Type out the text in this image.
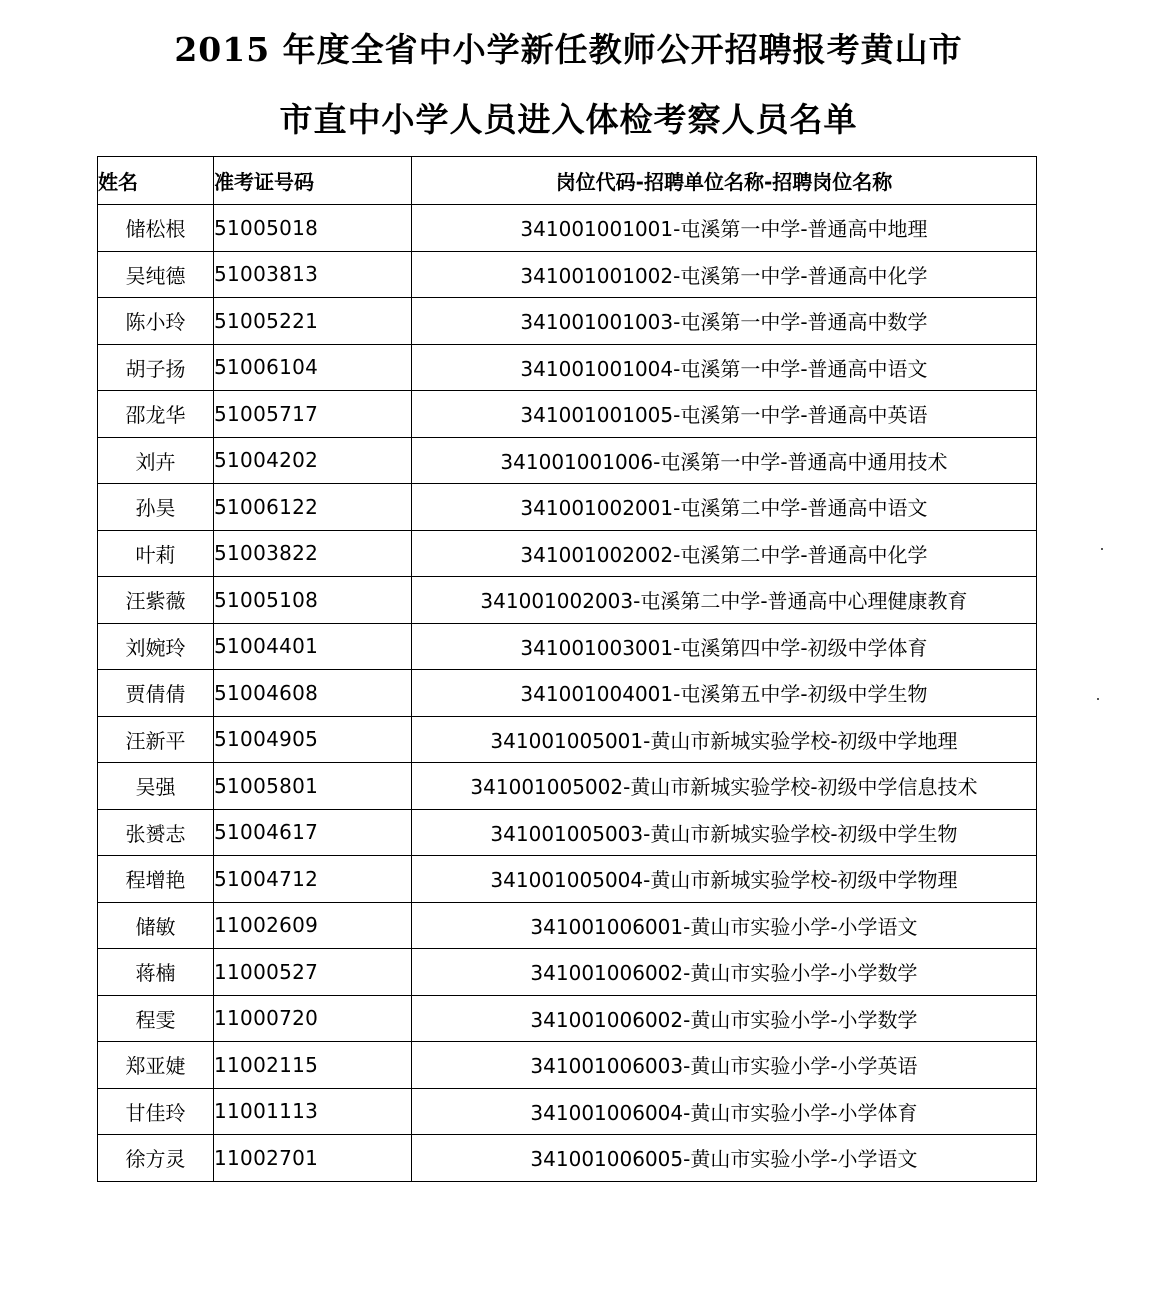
2015 年度全省中小学新任教师公开招聘报考黄山市
市直中小学人员进入体检考察人员名单
姓名	准考证号码	岗位代码-招聘单位名称-招聘岗位名称
储松根	51005018	341001001001-屯溪第一中学-普通高中地理
吴纯德	51003813	341001001002-屯溪第一中学-普通高中化学
陈小玲	51005221	341001001003-屯溪第一中学-普通高中数学
胡子扬	51006104	341001001004-屯溪第一中学-普通高中语文
邵龙华	51005717	341001001005-屯溪第一中学-普通高中英语
刘卉	51004202	341001001006-屯溪第一中学-普通高中通用技术
孙昊	51006122	341001002001-屯溪第二中学-普通高中语文
叶莉	51003822	341001002002-屯溪第二中学-普通高中化学
汪紫薇	51005108	341001002003-屯溪第二中学-普通高中心理健康教育
刘婉玲	51004401	341001003001-屯溪第四中学-初级中学体育
贾倩倩	51004608	341001004001-屯溪第五中学-初级中学生物
汪新平	51004905	341001005001-黄山市新城实验学校-初级中学地理
吴强	51005801	341001005002-黄山市新城实验学校-初级中学信息技术
张赟志	51004617	341001005003-黄山市新城实验学校-初级中学生物
程增艳	51004712	341001005004-黄山市新城实验学校-初级中学物理
储敏	11002609	341001006001-黄山市实验小学-小学语文
蒋楠	11000527	341001006002-黄山市实验小学-小学数学
程雯	11000720	341001006002-黄山市实验小学-小学数学
郑亚婕	11002115	341001006003-黄山市实验小学-小学英语
甘佳玲	11001113	341001006004-黄山市实验小学-小学体育
徐方灵	11002701	341001006005-黄山市实验小学-小学语文
